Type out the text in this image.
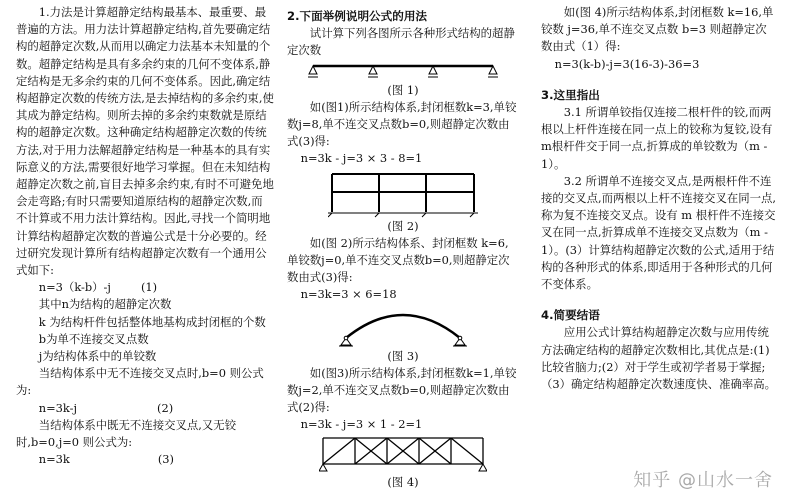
1.力法是计算超静定结构最基本、最重要、最普遍的方法。用力法计算超静定结构,首先要确定结构的超静定次数,从而用以确定力法基本未知量的个数。超静定结构是具有多余约束的几何不变体系,静定结构是无多余约束的几何不变体系。因此,确定结构超静定次数的传统方法,是去掉结构的多余约束,使其成为静定结构。则所去掉的多余约束数就是原结构的超静定次数。这种确定结构超静定次数的传统方法,对于用力法解超静定结构是一种基本的具有实际意义的方法,需要很好地学习掌握。但在未知结构超静定次数之前,盲目去掉多余约束,有时不可避免地会走弯路;有时只需要知道原结构的超静定次数,而不计算或不用力法计算结构。因此,寻找一个简明地计算结构超静定次数的普遍公式是十分必要的。经过研究发现计算所有结构超静定次数有一个通用公式如下:

n=3（k-b）-j	(1)

其中n为结构的超静定次数

k 为结构杆件包括整体地基构成封闭框的个数

b为单不连接交叉点数

j为结构体系中的单铰数

当结构体系中无不连接交叉点时,b=0 则公式为:

n=3k-j	(2)

当结构体系中既无不连接交叉点,又无铰时,b=0,j=0 则公式为:

n=3k	(3)

2.下面举例说明公式的用法

试计算下列各图所示各种形式结构的超静定次数

(图 1)

如(图1)所示结构体系,封闭框数k=3,单铰数j=8,单不连交叉点数b=0,则超静定次数由式(3)得:

n=3k - j=3 × 3 - 8=1

(图 2)

如(图 2)所示结构体系、封闭框数 k=6,单铰数j=0,单不连交叉点数b=0,则超静定次数由式(3)得:

n=3k=3 × 6=18

(图 3)

如(图3)所示结构体系,封闭框数k=1,单铰数j=2,单不连交叉点数b=0,则超静定次数由式(2)得:

n=3k - j=3 × 1 - 2=1

(图 4)

如(图 4)所示结构体系,封闭框数 k=16,单铰数 j=36,单不连交叉点数 b=3 则超静定次数由式（1）得:

n=3(k-b)-j=3(16-3)-36=3

3.这里指出

3.1 所谓单铰指仅连接二根杆件的铰,而两根以上杆件连接在同一点上的铰称为复铰,设有m根杆件交于同一点,折算成的单铰数为（m - 1）。

3.2 所谓单不连接交叉点,是两根杆件不连接的交叉点,而两根以上杆不连接交叉在同一点,称为复不连接交叉点。设有 m 根杆件不连接交叉在同一点,折算成单不连接交叉点数为（m - 1）。(3）计算结构超静定次数的公式,适用于结构的各种形式的体系,即适用于各种形式的几何不变体系。

4.简要结语

应用公式计算结构超静定次数与应用传统方法确定结构的超静定次数相比,其优点是:(1)比较省脑力;(2）对于学生或初学者易于掌握;（3）确定结构超静定次数速度快、准确率高。

知乎 @山水一舍
